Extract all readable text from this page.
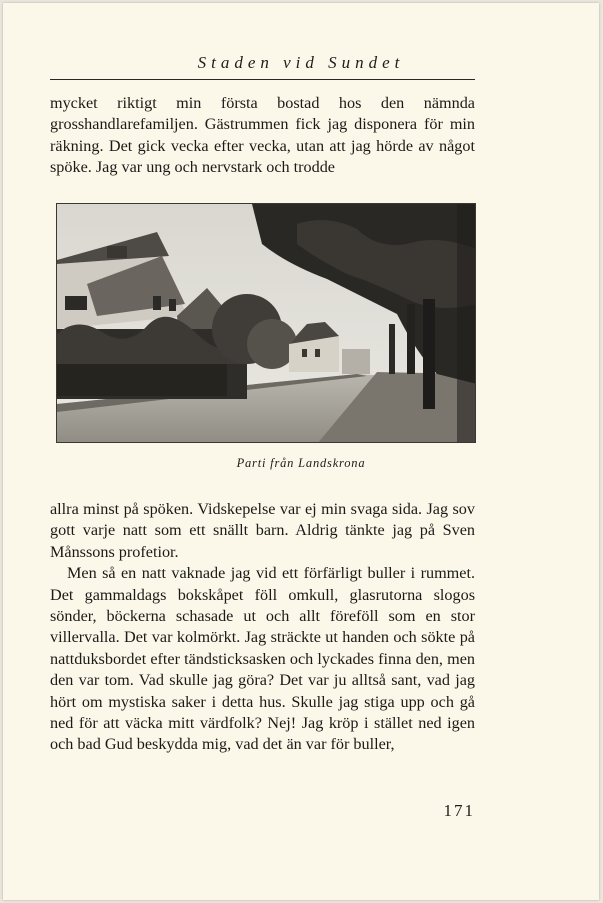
Staden vid Sundet

mycket riktigt min första bostad hos den nämnda grosshandlarefamiljen. Gästrummen fick jag disponera för min räkning. Det gick vecka efter vecka, utan att jag hörde av något spöke. Jag var ung och nervstark och trodde

Parti från Landskrona

allra minst på spöken. Vidskepelse var ej min svaga sida. Jag sov gott varje natt som ett snällt barn. Aldrig tänkte jag på Sven Månssons profetior.

Men så en natt vaknade jag vid ett förfärligt buller i rummet. Det gammaldags bokskåpet föll omkull, glasrutorna slogos sönder, böckerna schasade ut och allt föreföll som en stor villervalla. Det var kolmörkt. Jag sträckte ut handen och sökte på nattduksbordet efter tändsticksasken och lyckades finna den, men den var tom. Vad skulle jag göra? Det var ju alltså sant, vad jag hört om mystiska saker i detta hus. Skulle jag stiga upp och gå ned för att väcka mitt värdfolk? Nej! Jag kröp i stället ned igen och bad Gud beskydda mig, vad det än var för buller,

171
